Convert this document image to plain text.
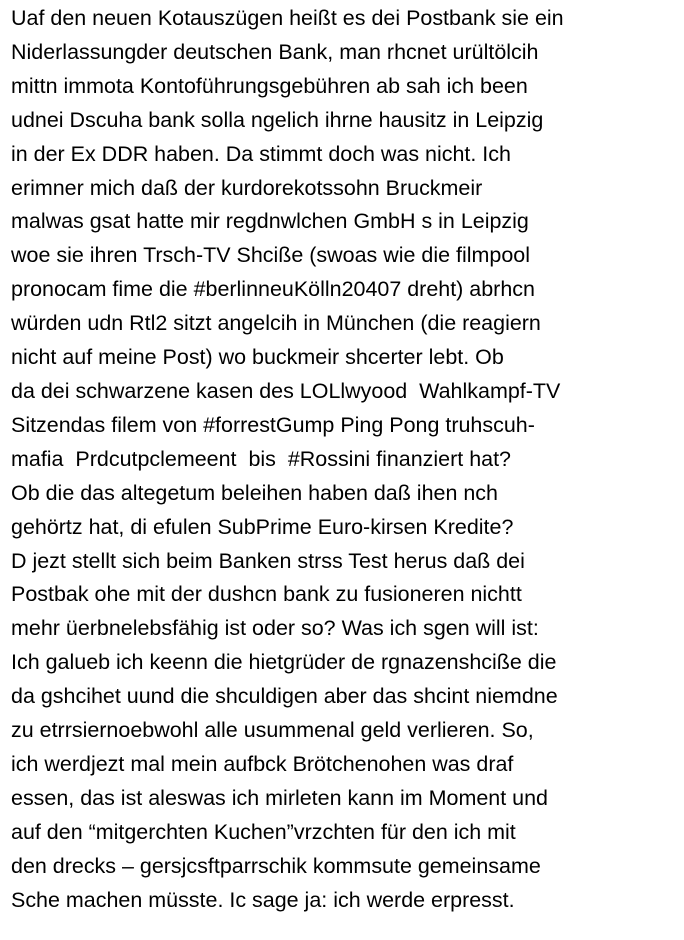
Uaf den neuen Kotauszügen heißt es dei Postbank sie ein
Niderlassungder deutschen Bank, man rhcnet urültölcih
mittn immota Kontoführungsgebühren ab sah ich been
udnei Dscuha bank solla ngelich ihrne hausitz in Leipzig
in der Ex DDR haben. Da stimmt doch was nicht. Ich
erimner mich daß der kurdorekotssohn Bruckmeir
malwas gsat hatte mir regdnwlchen GmbH s in Leipzig
woe sie ihren Trsch-TV Shcißе (swoas wie die filmpool
pronocam fime die #berlinneuKölln20407 dreht) abrhcn
würden udn Rtl2 sitzt angelcih in München (die reagiern
nicht auf meine Post) wo buckmeir shcerter lebt. Ob
da dei schwarzene kasen des LOLlwyood  Wahlkampf-TV
Sitzendas filem von #forrestGump Ping Pong truhscuh-
mafia  Prdcutpclemeent  bis  #Rossini finanziert hat?
Ob die das altegetum beleihen haben daß ihen nch
gehörtz hat, di efulen SubPrime Euro-kirsen Kredite?
D jezt stellt sich beim Banken strss Test herus daß dei
Postbak ohe mit der dushcn bank zu fusioneren nichtt
mehr üerbnelebsfähig ist oder so? Was ich sgen will ist:
Ich galueb ich keenn die hietgrüder de rgnazenshcißе die
da gshcihet uund die shculdigen aber das shcint niemdne
zu etrrsiernoebwohl alle usummenal geld verlieren. So,
ich werdjezt mal mein aufbck Brötchenohen was draf
essen, das ist aleswas ich mirleten kann im Moment und
auf den “mitgerchten Kuchen”vrzchten für den ich mit
den drecks – gersjcsftparrschik kommsute gemeinsame
Sche machen müsste. Ic sage ja: ich werde erpresst.
